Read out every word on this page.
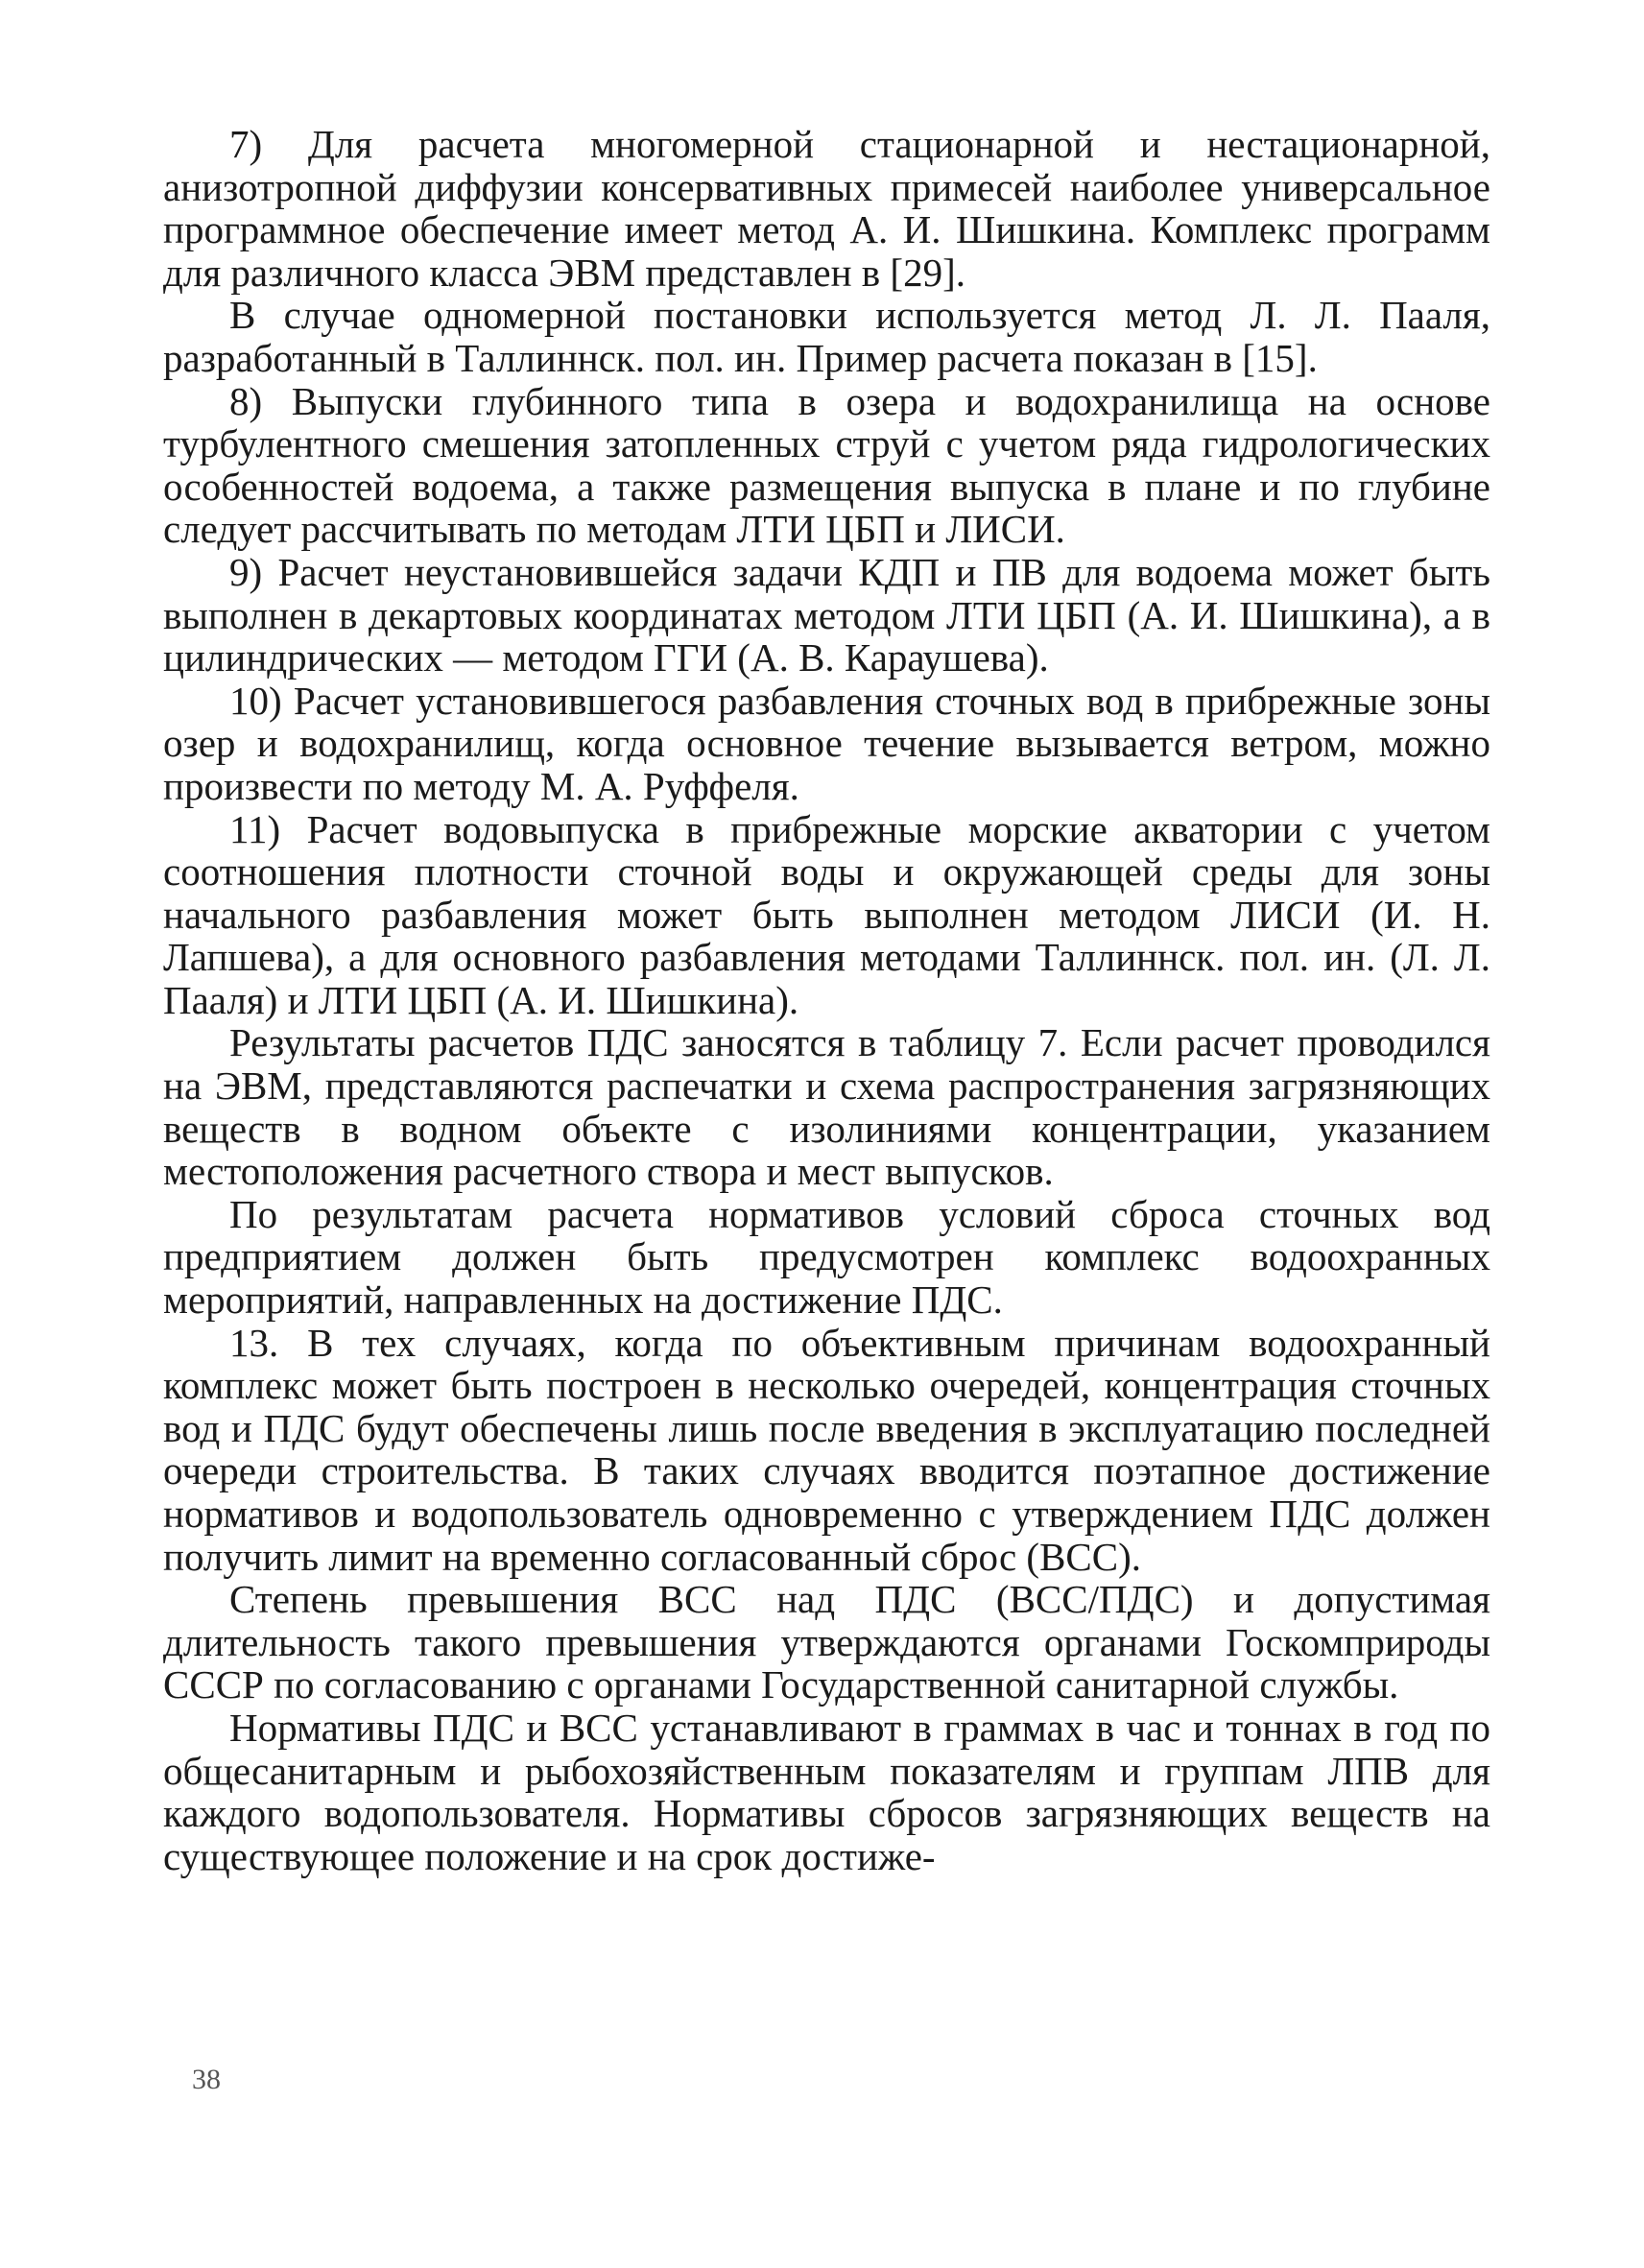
7) Для расчета многомерной стационарной и нестационарной, анизотропной диффузии консервативных примесей наиболее универсальное программное обеспечение имеет метод А. И. Шишкина. Комплекс программ для различного класса ЭВМ представлен в [29].

В случае одномерной постановки используется метод Л. Л. Пааля, разработанный в Таллиннск. пол. ин. Пример расчета показан в [15].

8) Выпуски глубинного типа в озера и водохранилища на основе турбулентного смешения затопленных струй с учетом ряда гидрологических особенностей водоема, а также размещения выпуска в плане и по глубине следует рассчитывать по методам ЛТИ ЦБП и ЛИСИ.

9) Расчет неустановившейся задачи КДП и ПВ для водоема может быть выполнен в декартовых координатах методом ЛТИ ЦБП (А. И. Шишкина), а в цилиндрических — методом ГГИ (А. В. Караушева).

10) Расчет установившегося разбавления сточных вод в прибрежные зоны озер и водохранилищ, когда основное течение вызывается ветром, можно произвести по методу М. А. Руффеля.

11) Расчет водовыпуска в прибрежные морские акватории с учетом соотношения плотности сточной воды и окружающей среды для зоны начального разбавления может быть выполнен методом ЛИСИ (И. Н. Лапшева), а для основного разбавления методами Таллиннск. пол. ин. (Л. Л. Пааля) и ЛТИ ЦБП (А. И. Шишкина).

Результаты расчетов ПДС заносятся в таблицу 7. Если расчет проводился на ЭВМ, представляются распечатки и схема распространения загрязняющих веществ в водном объекте с изолиниями концентрации, указанием местоположения расчетного створа и мест выпусков.

По результатам расчета нормативов условий сброса сточных вод предприятием должен быть предусмотрен комплекс водоохранных мероприятий, направленных на достижение ПДС.

13. В тех случаях, когда по объективным причинам водоохранный комплекс может быть построен в несколько очередей, концентрация сточных вод и ПДС будут обеспечены лишь после введения в эксплуатацию последней очереди строительства. В таких случаях вводится поэтапное достижение нормативов и водопользователь одновременно с утверждением ПДС должен получить лимит на временно согласованный сброс (ВСС).

Степень превышения ВСС над ПДС (ВСС/ПДС) и допустимая длительность такого превышения утверждаются органами Госкомприроды СССР по согласованию с органами Государственной санитарной службы.

Нормативы ПДС и ВСС устанавливают в граммах в час и тоннах в год по общесанитарным и рыбохозяйственным показателям и группам ЛПВ для каждого водопользователя. Нормативы сбросов загрязняющих веществ на существующее положение и на срок достиже-

38
